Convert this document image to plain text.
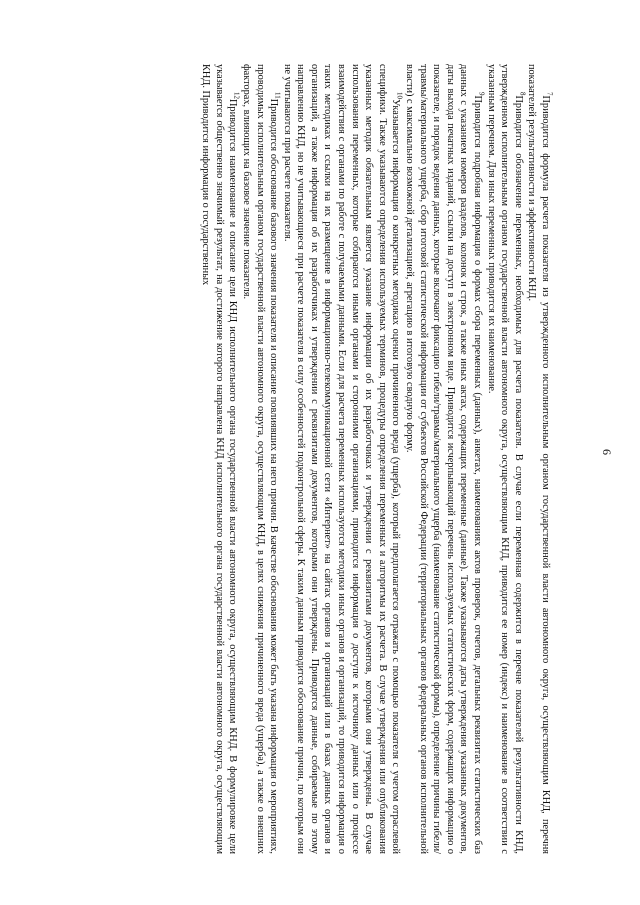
6

$^7$Приводится формула расчета показателя из утвержденного исполнительным органом государственной власти автономного округа, осуществляющим КНД, перечня показателей результативности и эффективности КНД.

$^8$Приводится обозначение переменных, необходимых для расчета показателя. В случае если переменная содержится в перечне показателей результативности КНД, утвержденном исполнительным органом государственной власти автономного округа, осуществляющим КНД, приводится ее номер (индекс) и наименование в соответствии с указанным перечнем. Для иных переменных приводится их наименование.

$^9$Приводится подробная информация о формах сбора переменных (данных), анкетах, наименованиях актов проверок, отчетов, детальных реквизитах статистических баз данных с указанием номеров разделов, колонок и строк, а также иных актах, содержащих переменные (данные). Также указываются даты утверждения указанных документов, даты выхода печатных изданий, ссылки на доступ в электронном виде. Приводится исчерпывающий перечень используемых статистических форм, содержащих информацию о показателе, и порядок ведения данных, которые включают фиксацию гибели/травмы/материального ущерба (наименование статистической формы), определение причины гибели/травмы/материального ущерба, сбор итоговой статистической информации от субъектов Российской Федерации (территориальных органов федеральных органов исполнительной власти) с максимально возможной детализацией, агрегацию в итоговую сводную форму.

$^{10}$Указывается информация о конкретных методиках оценки причиненного вреда (ущерба), который предполагается отражать с помощью показателя с учетом отраслевой специфики. Также указываются определения используемых терминов, процедуры определения переменных и алгоритмы их расчета. В случае утверждения или опубликования указанных методик обязательным является указание информации об их разработчиках и утверждении с реквизитами документов, которыми они утверждены. В случае использования переменных, которые собираются иными органами и сторонними организациями, приводится информация о доступе к источнику данных или о процессе взаимодействия с органами по работе с получаемыми данными. Если для расчета переменных используются методики иных органов и организаций, то приводится информация о таких методиках и ссылки на их размещение в информационно-телекоммуникационной сети «Интернет» на сайтах органов и организаций или в базах данных органов и организаций, а также информация об их разработчиках и утверждении с реквизитами документов, которыми они утверждены. Приводятся данные, собираемые по этому направлению КНД, но не учитывающиеся при расчете показателя в силу особенностей подконтрольной сферы. К таким данным приводится обоснование причин, по которым они не учитываются при расчете показателя.

$^{11}$Приводится обоснование базового значения показателя и описание повлиявших на него причин. В качестве обоснования может быть указана информация о мероприятиях, проводимых исполнительным органом государственной власти автономного округа, осуществляющим КНД, в целях снижения причиненного вреда (ущерба), а также о внешних факторах, влияющих на базовое значение показателя.

$^{12}$Приводится наименование и описание цели КНД исполнительного органа государственной власти автономного округа, осуществляющим КНД. В формулировке цели указывается общественно значимый результат, на достижение которого направлена КНД исполнительного органа государственной власти автономного округа, осуществляющим КНД. Приводится информация о государственных
